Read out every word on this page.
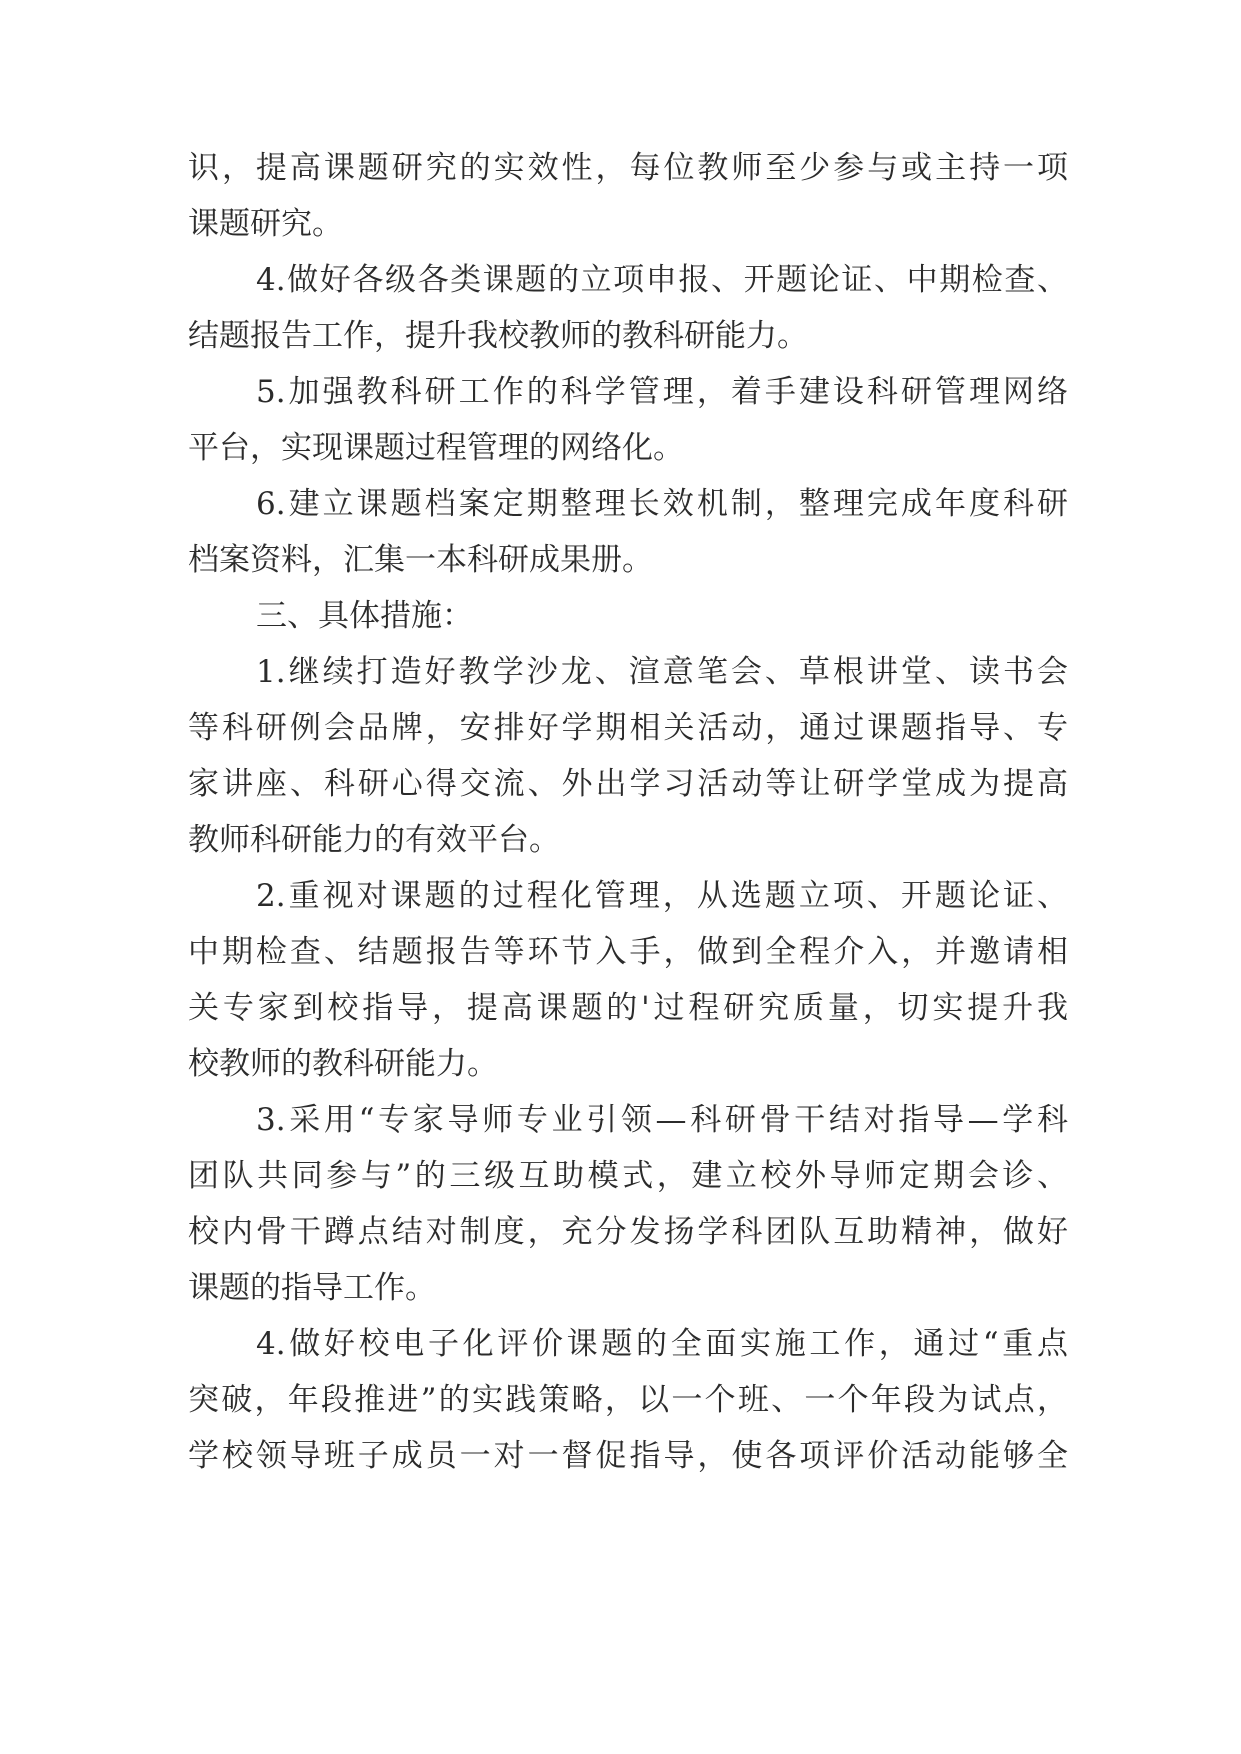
识，提高课题研究的实效性，每位教师至少参与或主持一项
课题研究。
4.做好各级各类课题的立项申报、开题论证、中期检查、
结题报告工作，提升我校教师的教科研能力。
5.加强教科研工作的科学管理，着手建设科研管理网络
平台，实现课题过程管理的网络化。
6.建立课题档案定期整理长效机制，整理完成年度科研
档案资料，汇集一本科研成果册。
三、具体措施：
1.继续打造好教学沙龙、渲意笔会、草根讲堂、读书会
等科研例会品牌，安排好学期相关活动，通过课题指导、专
家讲座、科研心得交流、外出学习活动等让研学堂成为提高
教师科研能力的有效平台。
2.重视对课题的过程化管理，从选题立项、开题论证、
中期检查、结题报告等环节入手，做到全程介入，并邀请相
关专家到校指导，提高课题的'过程研究质量，切实提升我
校教师的教科研能力。
3.采用“专家导师专业引领—科研骨干结对指导—学科
团队共同参与”的三级互助模式，建立校外导师定期会诊、
校内骨干蹲点结对制度，充分发扬学科团队互助精神，做好
课题的指导工作。
4.做好校电子化评价课题的全面实施工作，通过“重点
突破，年段推进”的实践策略，以一个班、一个年段为试点，
学校领导班子成员一对一督促指导，使各项评价活动能够全
